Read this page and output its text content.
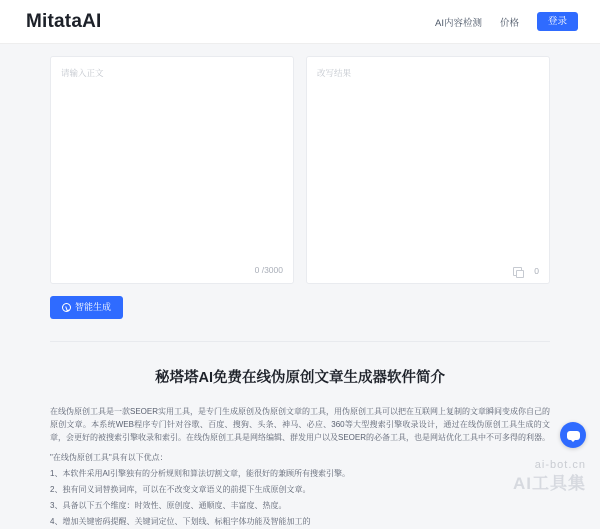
MitataAI	AI内容检测 价格	登录
请输入正文
0 /3000
改写结果
0
智能生成
秘塔塔AI免费在线伪原创文章生成器软件简介

在线伪原创工具是一款SEOER实用工具，是专门生成原创及伪原创文章的工具，用伪原创工具可以把在互联网上复制的文章瞬间变成你自己的原创文章。本系统WEB程序专门针对谷歌、百度、搜狗、头条、神马、必应、360等大型搜索引擎收录设计，通过在线伪原创工具生成的文章，会更好的被搜索引擎收录和索引。在线伪原创工具是网络编辑、群发用户以及SEOER的必备工具，也是网站优化工具中不可多得的利器。

"在线伪原创工具"具有以下优点：

1、本软件采用AI引擎独有的分析规则和算法切割文章，能很好的兼顾所有搜索引擎。

2、独有同义词替换词库，可以在不改变文章语义的前提下生成原创文章。

3、具备以下五个维度：时效性、原创度、通顺度、丰富度、热度。

4、增加关键密码提醒、关键词定位、下划线、标粗字体功能及智能加工的

ai-bot.cn
AI工具集
